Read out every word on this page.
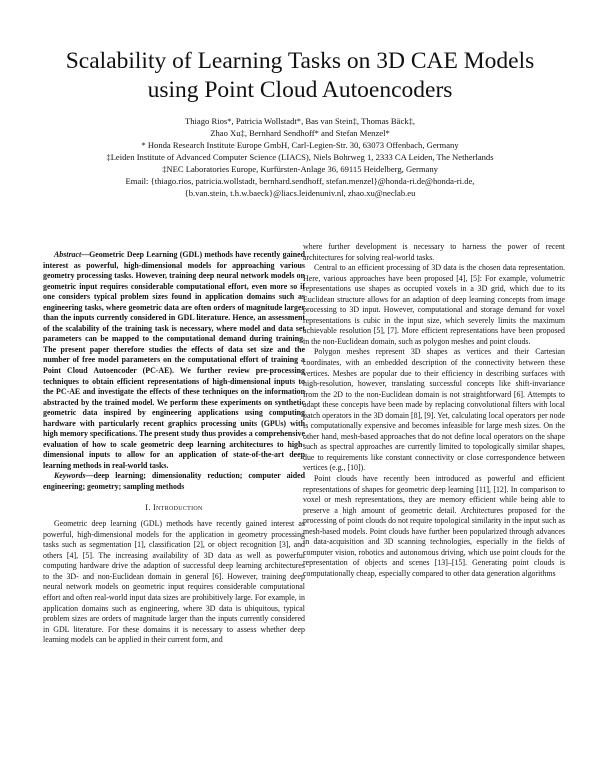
Scalability of Learning Tasks on 3D CAE Models
using Point Cloud Autoencoders
Thiago Rios*, Patricia Wollstadt*, Bas van Stein‡, Thomas Bäck‡,
Zhao Xu‡, Bernhard Sendhoff* and Stefan Menzel*
* Honda Research Institute Europe GmbH, Carl-Legien-Str. 30, 63073 Offenbach, Germany
‡Leiden Institute of Advanced Computer Science (LIACS), Niels Bohrweg 1, 2333 CA Leiden, The Netherlands
‡NEC Laboratories Europe, Kurfürsten-Anlage 36, 69115 Heidelberg, Germany
Email: {thiago.rios, patricia.wollstadt, bernhard.sendhoff, stefan.menzel}@honda-ri.de@honda-ri.de,
{b.van.stein, t.h.w.baeck}@liacs.leidenuniv.nl, zhao.xu@neclab.eu

Abstract—Geometric Deep Learning (GDL) methods have recently gained interest as powerful, high-dimensional models for approaching various geometry processing tasks. However, training deep neural network models on geometric input requires considerable computational effort, even more so if one considers typical problem sizes found in application domains such as engineering tasks, where geometric data are often orders of magnitude larger than the inputs currently considered in GDL literature. Hence, an assessment of the scalability of the training task is necessary, where model and data set parameters can be mapped to the computational demand during training. The present paper therefore studies the effects of data set size and the number of free model parameters on the computational effort of training a Point Cloud Autoencoder (PC-AE). We further review pre-processing techniques to obtain efficient representations of high-dimensional inputs to the PC-AE and investigate the effects of these techniques on the information abstracted by the trained model. We perform these experiments on synthetic geometric data inspired by engineering applications using computing hardware with particularly recent graphics processing units (GPUs) with high memory specifications. The present study thus provides a comprehensive evaluation of how to scale geometric deep learning architectures to high-dimensional inputs to allow for an application of state-of-the-art deep learning methods in real-world tasks.

Keywords—deep learning; dimensionality reduction; computer aided engineering; geometry; sampling methods

I. Introduction

Geometric deep learning (GDL) methods have recently gained interest as powerful, high-dimensional models for the application in geometry processing tasks such as segmentation [1], classification [2], or object recognition [3], and others [4], [5]. The increasing availability of 3D data as well as powerful computing hardware drive the adaption of successful deep learning architectures to the 3D- and non-Euclidean domain in general [6]. However, training deep neural network models on geometric input requires considerable computational effort and often real-world input data sizes are prohibitively large. For example, in application domains such as engineering, where 3D data is ubiquitous, typical problem sizes are orders of magnitude larger than the inputs currently considered in GDL literature. For these domains it is necessary to assess whether deep learning models can be applied in their current form, and

where further development is necessary to harness the power of recent architectures for solving real-world tasks.

Central to an efficient processing of 3D data is the chosen data representation. Here, various approaches have been proposed [4], [5]: For example, volumetric representations use shapes as occupied voxels in a 3D grid, which due to its Euclidean structure allows for an adaption of deep learning concepts from image processing to 3D input. However, computational and storage demand for voxel representations is cubic in the input size, which severely limits the maximum achievable resolution [5], [7]. More efficient representations have been proposed in the non-Euclidean domain, such as polygon meshes and point clouds.

Polygon meshes represent 3D shapes as vertices and their Cartesian coordinates, with an embedded description of the connectivity between these vertices. Meshes are popular due to their efficiency in describing surfaces with high-resolution, however, translating successful concepts like shift-invariance from the 2D to the non-Euclidean domain is not straightforward [6]. Attempts to adapt these concepts have been made by replacing convolutional filters with local patch operators in the 3D domain [8], [9]. Yet, calculating local operators per node is computationally expensive and becomes infeasible for large mesh sizes. On the other hand, mesh-based approaches that do not define local operators on the shape such as spectral approaches are currently limited to topologically similar shapes, due to requirements like constant connectivity or close correspondence between vertices (e.g., [10]).

Point clouds have recently been introduced as powerful and efficient representations of shapes for geometric deep learning [11], [12]. In comparison to voxel or mesh representations, they are memory efficient while being able to preserve a high amount of geometric detail. Architectures proposed for the processing of point clouds do not require topological similarity in the input such as mesh-based models. Point clouds have further been popularized through advances in data-acquisition and 3D scanning technologies, especially in the fields of computer vision, robotics and autonomous driving, which use point clouds for the representation of objects and scenes [13]–[15]. Generating point clouds is computationally cheap, especially compared to other data generation algorithms
